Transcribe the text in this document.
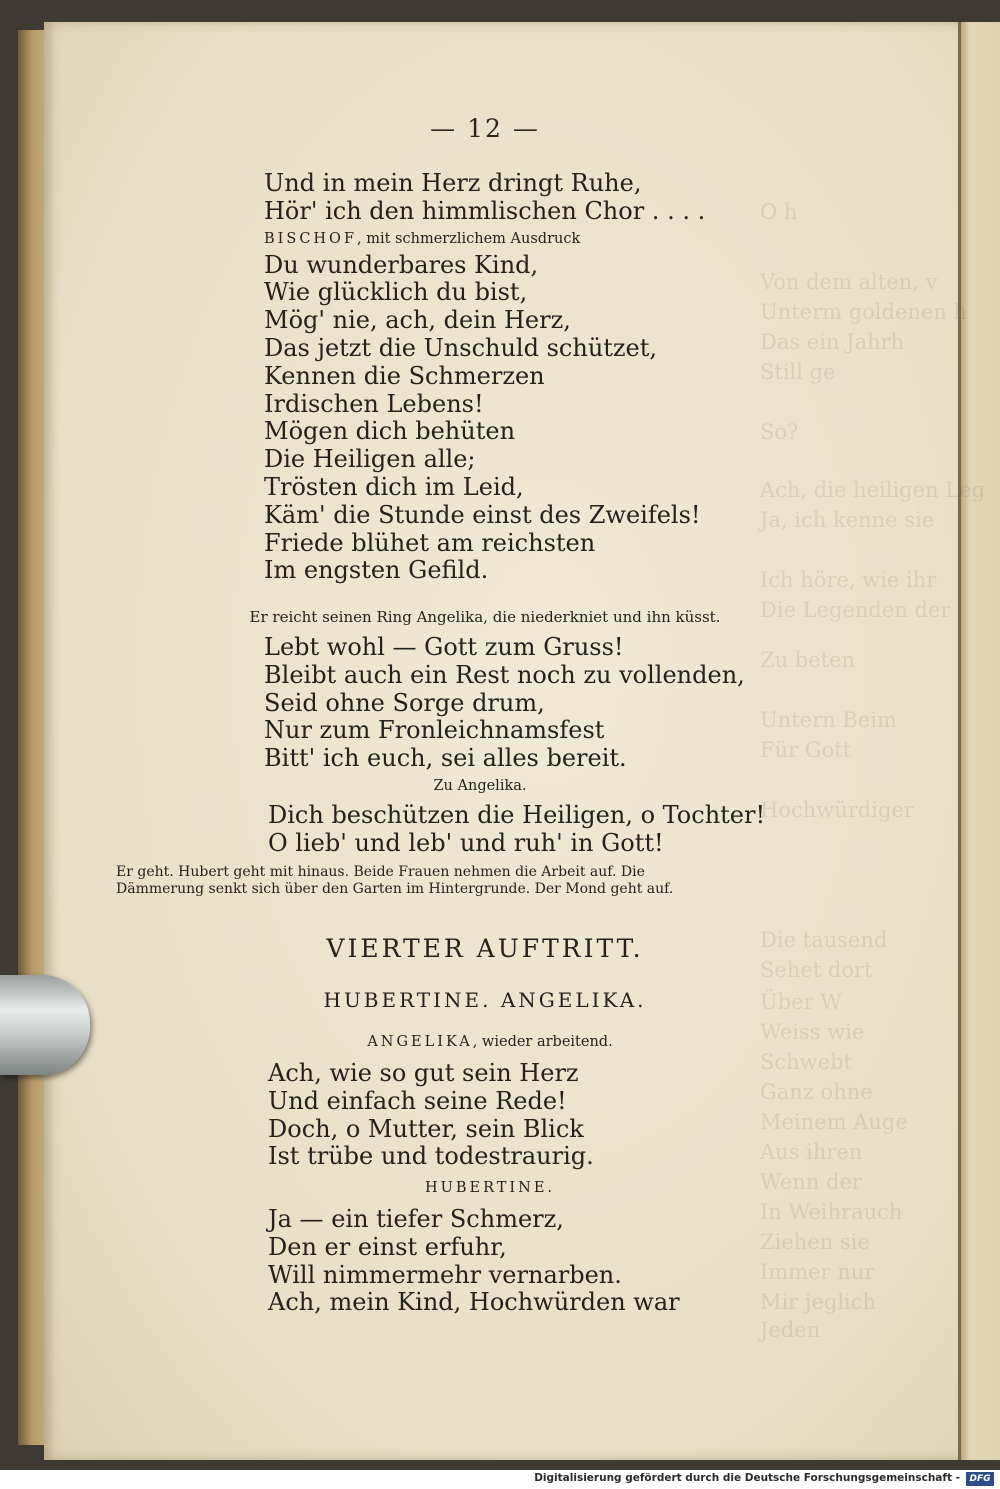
O h
Von dem alten, v
Unterm goldenen h
Das ein Jahrh
Still ge
So?
Ach, die heiligen Leg
Ja, ich kenne sie
Ich höre, wie ihr
Die Legenden der
Zu beten
Untern Beim
Für Gott
Hochwürdiger
Die tausend
Sehet dort
Über W
Weiss wie
Schwebt
Ganz ohne
Meinem Auge
Aus ihren
Wenn der
In Weihrauch
Ziehen sie
Immer nur
Mir jeglich
Jeden
— 12 —
Und in mein Herz dringt Ruhe,
Hör' ich den himmlischen Chor . . . .
BISCHOF, mit schmerzlichem Ausdruck
Du wunderbares Kind,
Wie glücklich du bist,
Mög' nie, ach, dein Herz,
Das jetzt die Unschuld schützet,
Kennen die Schmerzen
Irdischen Lebens!
Mögen dich behüten
Die Heiligen alle;
Trösten dich im Leid,
Käm' die Stunde einst des Zweifels!
Friede blühet am reichsten
Im engsten Gefild.
Er reicht seinen Ring Angelika, die niederkniet und ihn küsst.
Lebt wohl — Gott zum Gruss!
Bleibt auch ein Rest noch zu vollenden,
Seid ohne Sorge drum,
Nur zum Fronleichnamsfest
Bitt' ich euch, sei alles bereit.
Zu Angelika.
Dich beschützen die Heiligen, o Tochter!
O lieb' und leb' und ruh' in Gott!
Er geht. Hubert geht mit hinaus. Beide Frauen nehmen die Arbeit auf. Die
Dämmerung senkt sich über den Garten im Hintergrunde. Der Mond geht auf.
VIERTER AUFTRITT.
HUBERTINE. ANGELIKA.
ANGELIKA, wieder arbeitend.
Ach, wie so gut sein Herz
Und einfach seine Rede!
Doch, o Mutter, sein Blick
Ist trübe und todestraurig.
HUBERTINE.
Ja — ein tiefer Schmerz,
Den er einst erfuhr,
Will nimmermehr vernarben.
Ach, mein Kind, Hochwürden war
Digitalisierung gefördert durch die Deutsche Forschungsgemeinschaft -	DFG
